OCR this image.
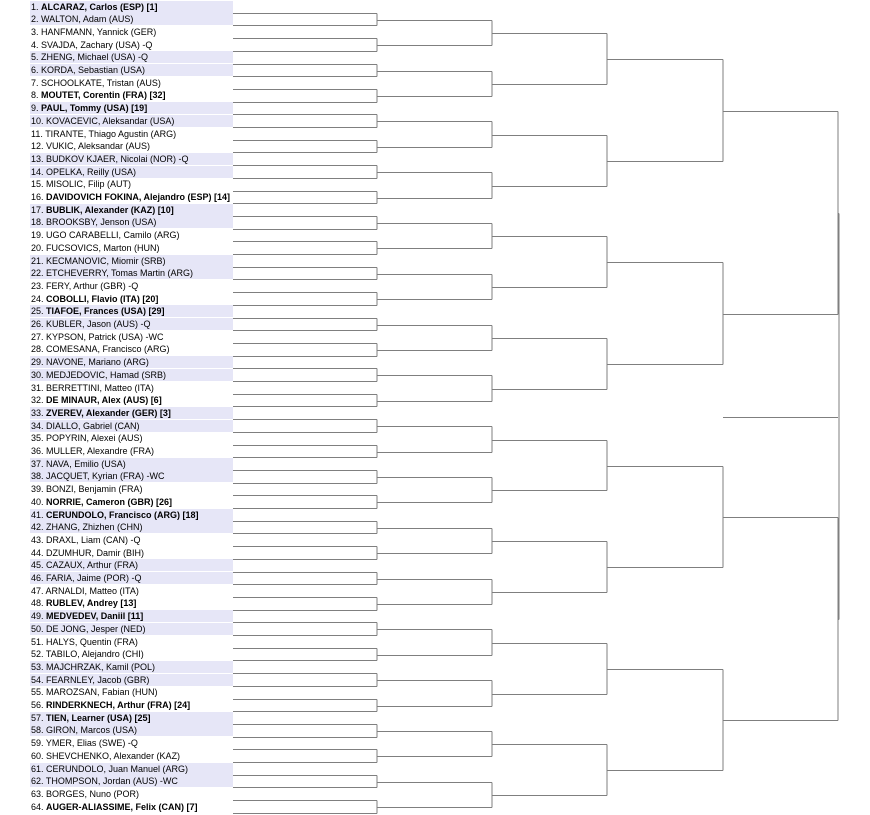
1. ALCARAZ, Carlos (ESP) [1]
2. WALTON, Adam (AUS)
3. HANFMANN, Yannick (GER)
4. SVAJDA, Zachary (USA) -Q
5. ZHENG, Michael (USA) -Q
6. KORDA, Sebastian (USA)
7. SCHOOLKATE, Tristan (AUS)
8. MOUTET, Corentin (FRA) [32]
9. PAUL, Tommy (USA) [19]
10. KOVACEVIC, Aleksandar (USA)
11. TIRANTE, Thiago Agustin (ARG)
12. VUKIC, Aleksandar (AUS)
13. BUDKOV KJAER, Nicolai (NOR) -Q
14. OPELKA, Reilly (USA)
15. MISOLIC, Filip (AUT)
16. DAVIDOVICH FOKINA, Alejandro (ESP) [14]
17. BUBLIK, Alexander (KAZ) [10]
18. BROOKSBY, Jenson (USA)
19. UGO CARABELLI, Camilo (ARG)
20. FUCSOVICS, Marton (HUN)
21. KECMANOVIC, Miomir (SRB)
22. ETCHEVERRY, Tomas Martin (ARG)
23. FERY, Arthur (GBR) -Q
24. COBOLLI, Flavio (ITA) [20]
25. TIAFOE, Frances (USA) [29]
26. KUBLER, Jason (AUS) -Q
27. KYPSON, Patrick (USA) -WC
28. COMESANA, Francisco (ARG)
29. NAVONE, Mariano (ARG)
30. MEDJEDOVIC, Hamad (SRB)
31. BERRETTINI, Matteo (ITA)
32. DE MINAUR, Alex (AUS) [6]
33. ZVEREV, Alexander (GER) [3]
34. DIALLO, Gabriel (CAN)
35. POPYRIN, Alexei (AUS)
36. MULLER, Alexandre (FRA)
37. NAVA, Emilio (USA)
38. JACQUET, Kyrian (FRA) -WC
39. BONZI, Benjamin (FRA)
40. NORRIE, Cameron (GBR) [26]
41. CERUNDOLO, Francisco (ARG) [18]
42. ZHANG, Zhizhen (CHN)
43. DRAXL, Liam (CAN) -Q
44. DZUMHUR, Damir (BIH)
45. CAZAUX, Arthur (FRA)
46. FARIA, Jaime (POR) -Q
47. ARNALDI, Matteo (ITA)
48. RUBLEV, Andrey [13]
49. MEDVEDEV, Daniil [11]
50. DE JONG, Jesper (NED)
51. HALYS, Quentin (FRA)
52. TABILO, Alejandro (CHI)
53. MAJCHRZAK, Kamil (POL)
54. FEARNLEY, Jacob (GBR)
55. MAROZSAN, Fabian (HUN)
56. RINDERKNECH, Arthur (FRA) [24]
57. TIEN, Learner (USA) [25]
58. GIRON, Marcos (USA)
59. YMER, Elias (SWE) -Q
60. SHEVCHENKO, Alexander (KAZ)
61. CERUNDOLO, Juan Manuel (ARG)
62. THOMPSON, Jordan (AUS) -WC
63. BORGES, Nuno (POR)
64. AUGER-ALIASSIME, Felix (CAN) [7]
